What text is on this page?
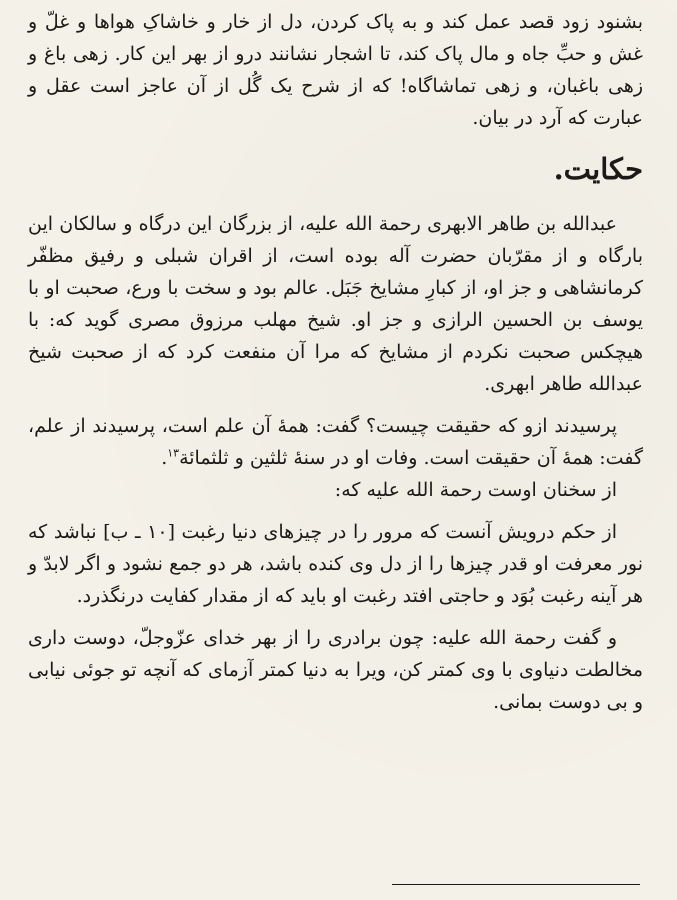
بشنود زود قصد عمل کند و به پاک کردن، دل از خار و خاشاکِ هواها و غلّ و غش و حبِّ جاه و مال پاک کند، تا اشجار نشانند درو از بهر این کار. زهی باغ و زهی باغبان، و زهی تماشاگاه! که از شرح یک گُل از آن عاجز است عقل و عبارت که آرد در بیان.

حکایت.

عبدالله بن طاهر الابهری رحمة الله علیه، از بزرگان این درگاه و سالکان این بارگاه و از مقرّبان حضرت آله بوده است، از اقران شبلی و رفیق مظفّر کرمانشاهی و جز او، از کبارِ مشایخ جَبَل. عالم بود و سخت با ورع، صحبت او با یوسف بن الحسین الرازی و جز او. شیخ مهلب مرزوق مصری گوید که: با هیچکس صحبت نکردم از مشایخ که مرا آن منفعت کرد که از صحبت شیخ عبدالله طاهر ابهری.

پرسیدند ازو که حقیقت چیست؟ گفت: همهٔ آن علم است، پرسیدند از علم، گفت: همهٔ آن حقیقت است. وفات او در سنهٔ ثلثین و ثلثمائة$^{۱۳}$.

از سخنان اوست رحمة الله علیه که:

از حکم درویش آنست که مرور را در چیزهای دنیا رغبت [۱۰ ـ ب] نباشد که نور معرفت او قدر چیزها را از دل وی کنده باشد، هر دو جمع نشود و اگر لابدّ و هر آینه رغبت بُوَد و حاجتی افتد رغبت او باید که از مقدار کفایت درنگذرد.

و گفت رحمة الله علیه: چون برادری را از بهر خدای عزّوجلّ، دوست داری مخالطت دنیاوی با وی کمتر کن، ویرا به دنیا کمتر آزمای که آنچه تو جوئی نیابی و بی دوست بمانی.
